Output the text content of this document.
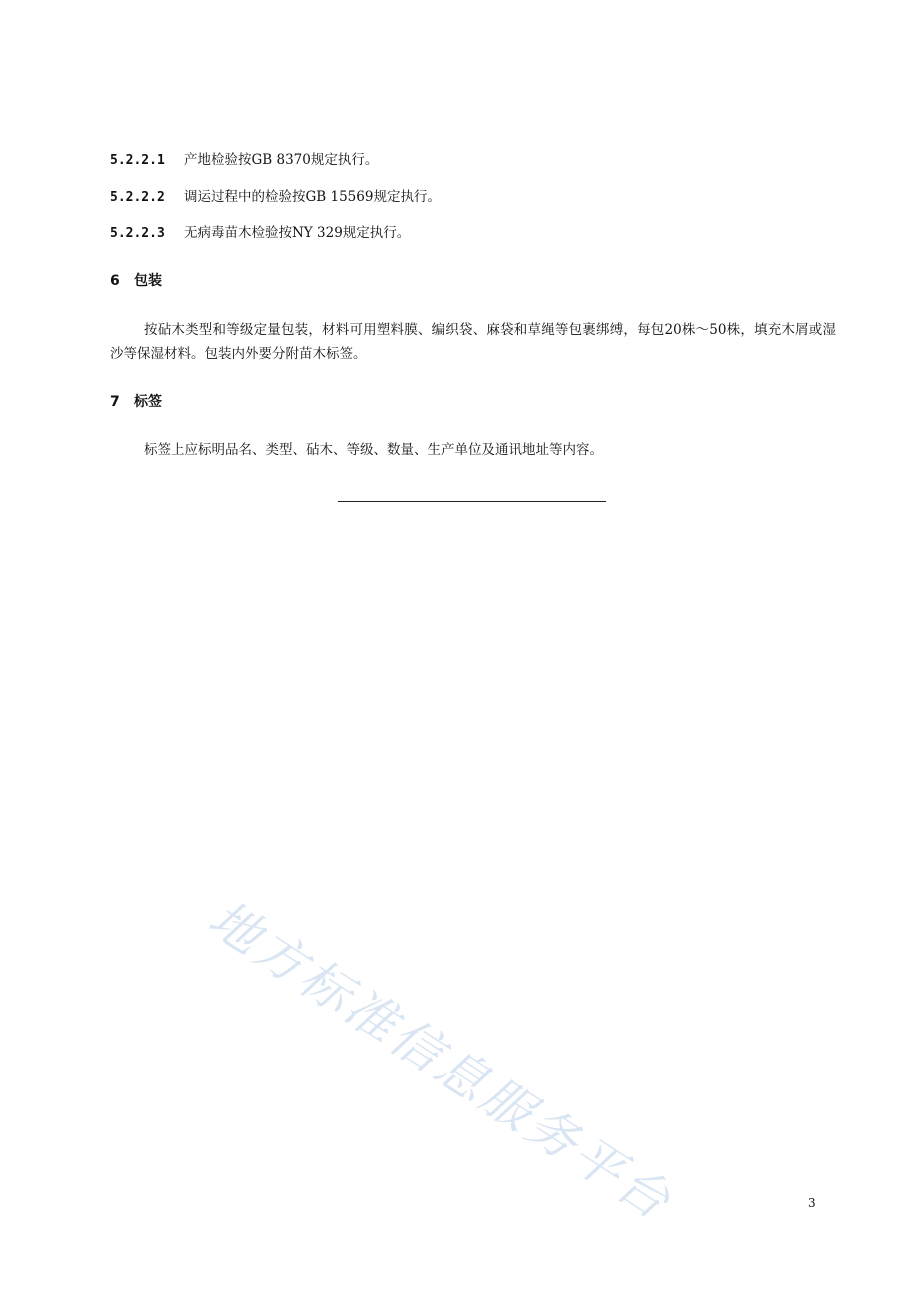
5.2.2.1 产地检验按GB 8370规定执行。
5.2.2.2 调运过程中的检验按GB 15569规定执行。
5.2.2.3 无病毒苗木检验按NY 329规定执行。
6 包装
按砧木类型和等级定量包装，材料可用塑料膜、编织袋、麻袋和草绳等包裹绑缚，每包20株～50株，填充木屑或湿沙等保湿材料。包装内外要分附苗木标签。
7 标签
标签上应标明品名、类型、砧木、等级、数量、生产单位及通讯地址等内容。
地方标准信息服务平台	3
